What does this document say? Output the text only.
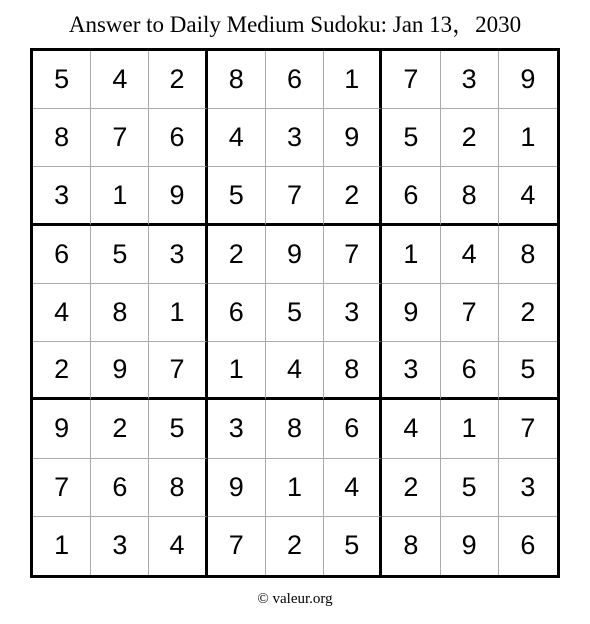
Answer to Daily Medium Sudoku: Jan 13，2030
5	4	2	8	6	1	7	3	9
8	7	6	4	3	9	5	2	1
3	1	9	5	7	2	6	8	4
6	5	3	2	9	7	1	4	8
4	8	1	6	5	3	9	7	2
2	9	7	1	4	8	3	6	5
9	2	5	3	8	6	4	1	7
7	6	8	9	1	4	2	5	3
1	3	4	7	2	5	8	9	6
© valeur.org
